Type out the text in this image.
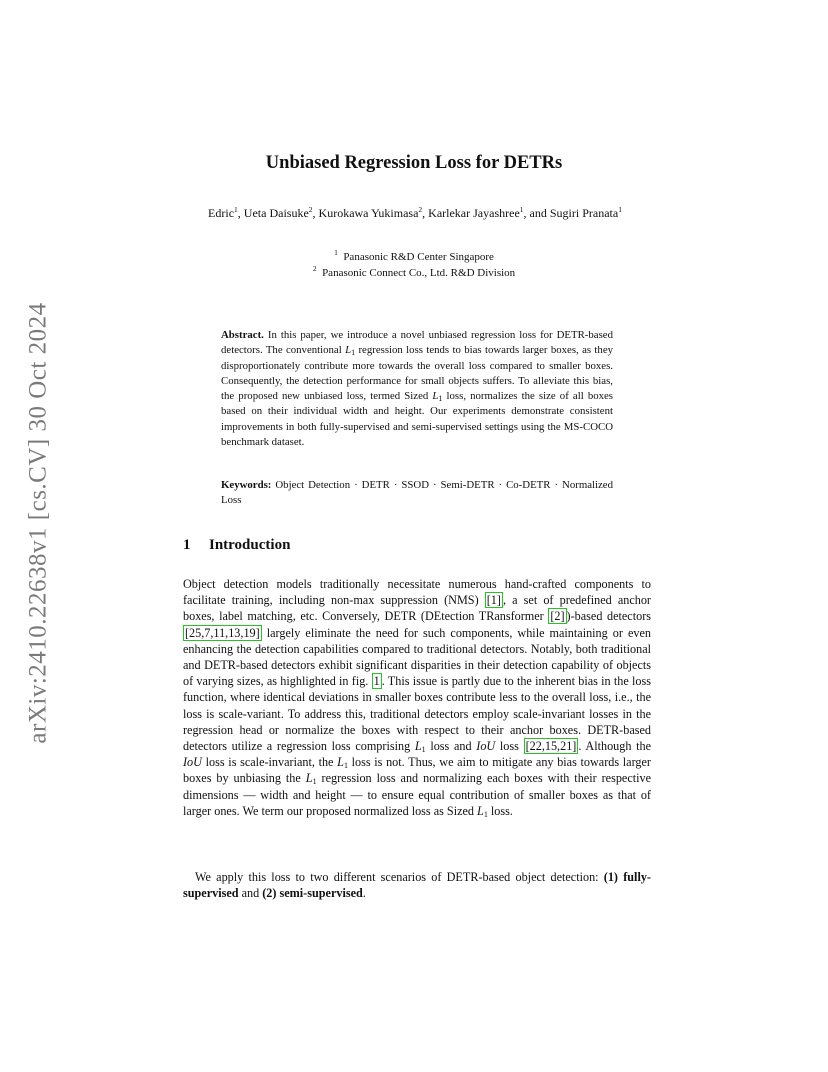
arXiv:2410.22638v1 [cs.CV] 30 Oct 2024
Unbiased Regression Loss for DETRs
Edric$^1$, Ueta Daisuke$^2$, Kurokawa Yukimasa$^2$, Karlekar Jayashree$^1$, and Sugiri Pranata$^1$
$^1$ Panasonic R&D Center Singapore
$^2$ Panasonic Connect Co., Ltd. R&D Division

Abstract. In this paper, we introduce a novel unbiased regression loss for DETR-based detectors. The conventional $L_1$ regression loss tends to bias towards larger boxes, as they disproportionately contribute more towards the overall loss compared to smaller boxes. Consequently, the detection performance for small objects suffers. To alleviate this bias, the proposed new unbiased loss, termed Sized $L_1$ loss, normalizes the size of all boxes based on their individual width and height. Our experiments demonstrate consistent improvements in both fully-supervised and semi-supervised settings using the MS-COCO benchmark dataset.

Keywords: Object Detection · DETR · SSOD · Semi-DETR · Co-DETR · Normalized Loss

1 Introduction

Object detection models traditionally necessitate numerous hand-crafted components to facilitate training, including non-max suppression (NMS) [1] , a set of predefined anchor boxes, label matching, etc. Conversely, DETR (DEtection TRansformer [2] )-based detectors [25,7,11,13,19] largely eliminate the need for such components, while maintaining or even enhancing the detection capabilities compared to traditional detectors. Notably, both traditional and DETR-based detectors exhibit significant disparities in their detection capability of objects of varying sizes, as highlighted in fig. 1 . This issue is partly due to the inherent bias in the loss function, where identical deviations in smaller boxes contribute less to the overall loss, i.e., the loss is scale-variant. To address this, traditional detectors employ scale-invariant losses in the regression head or normalize the boxes with respect to their anchor boxes. DETR-based detectors utilize a regression loss comprising $L_1$ loss and IoU loss [22,15,21] . Although the IoU loss is scale-invariant, the $L_1$ loss is not. Thus, we aim to mitigate any bias towards larger boxes by unbiasing the $L_1$ regression loss and normalizing each boxes with their respective dimensions — width and height — to ensure equal contribution of smaller boxes as that of larger ones. We term our proposed normalized loss as Sized $L_1$ loss.

We apply this loss to two different scenarios of DETR-based object detection: (1) fully-supervised and (2) semi-supervised.
